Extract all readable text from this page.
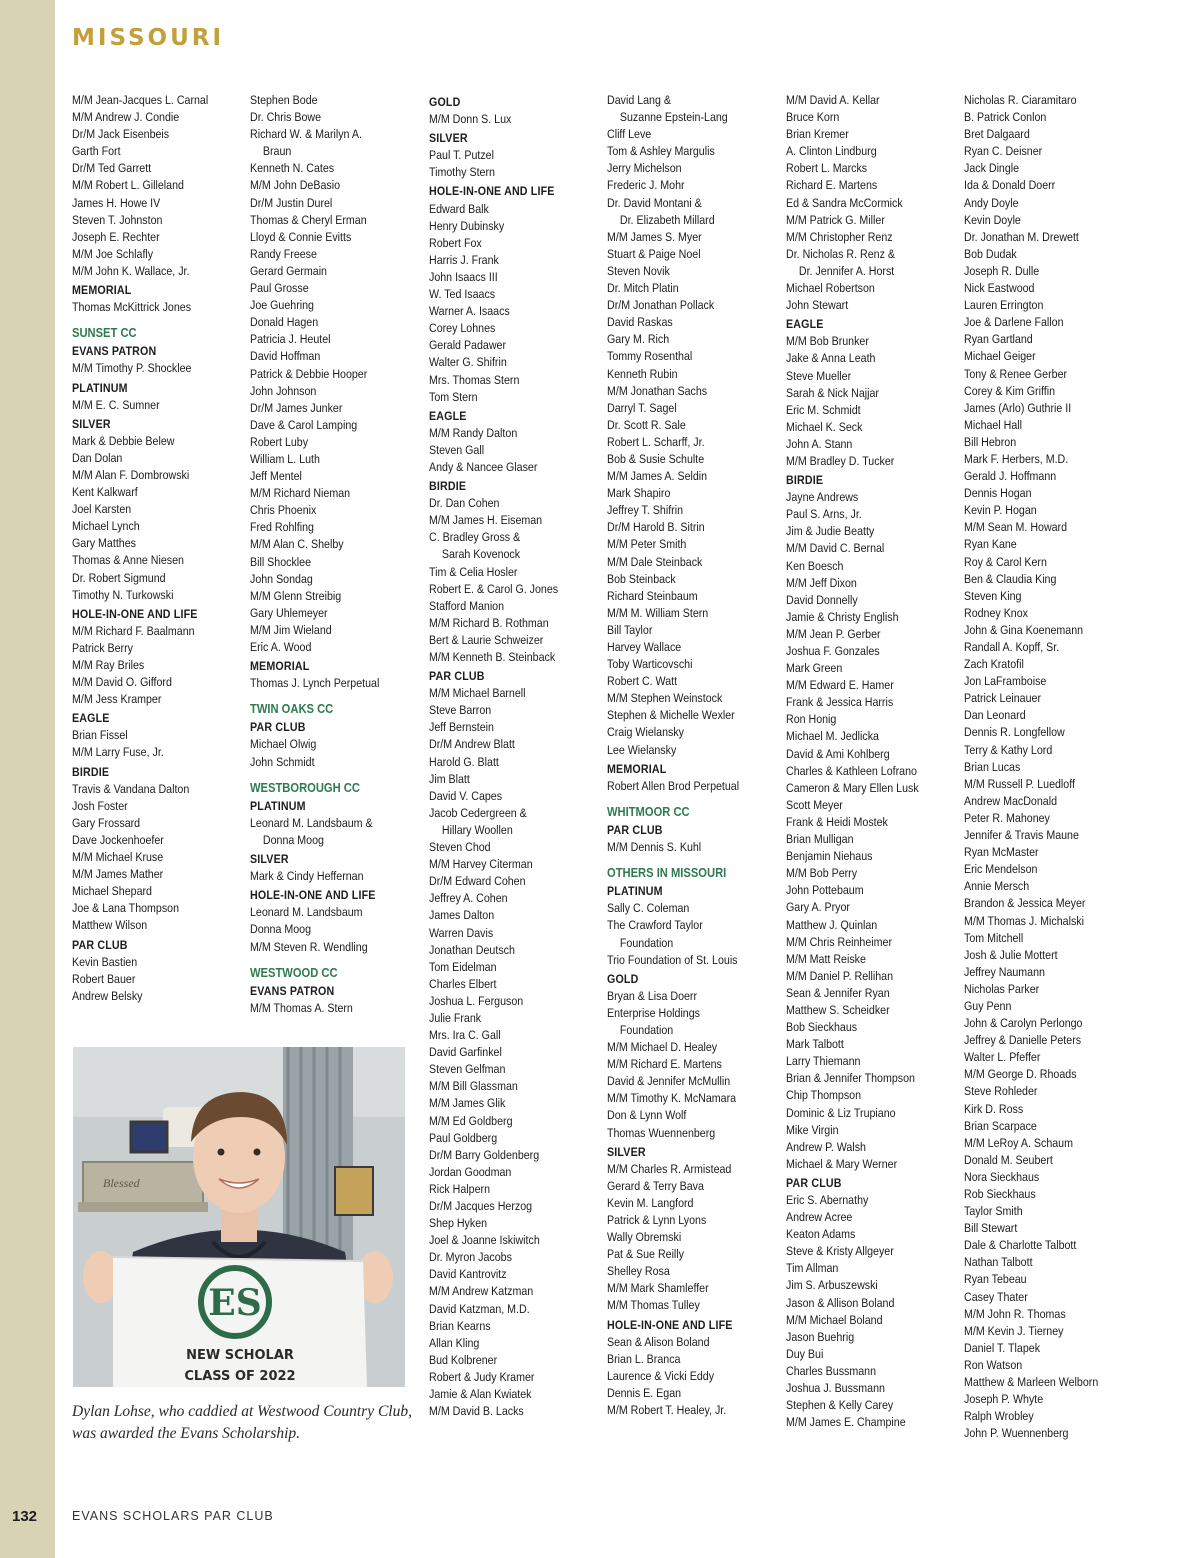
MISSOURI
M/M Jean-Jacques L. Carnal
M/M Andrew J. Condie
Dr/M Jack Eisenbeis
Garth Fort
Dr/M Ted Garrett
M/M Robert L. Gilleland
James H. Howe IV
Steven T. Johnston
Joseph E. Rechter
M/M Joe Schlafly
M/M John K. Wallace, Jr.
MEMORIAL
Thomas McKittrick Jones
SUNSET CC
EVANS PATRON
M/M Timothy P. Shocklee
PLATINUM
M/M E. C. Sumner
SILVER
Mark & Debbie Belew
Dan Dolan
M/M Alan F. Dombrowski
Kent Kalkwarf
Joel Karsten
Michael Lynch
Gary Matthes
Thomas & Anne Niesen
Dr. Robert Sigmund
Timothy N. Turkowski
HOLE-IN-ONE AND LIFE
M/M Richard F. Baalmann
Patrick Berry
M/M Ray Briles
M/M David O. Gifford
M/M Jess Kramper
EAGLE
Brian Fissel
M/M Larry Fuse, Jr.
BIRDIE
Travis & Vandana Dalton
Josh Foster
Gary Frossard
Dave Jockenhoefer
M/M Michael Kruse
M/M James Mather
Michael Shepard
Joe & Lana Thompson
Matthew Wilson
PAR CLUB
Kevin Bastien
Robert Bauer
Andrew Belsky
Stephen Bode
Dr. Chris Bowe
Richard W. & Marilyn A.
Braun
Kenneth N. Cates
M/M John DeBasio
Dr/M Justin Durel
Thomas & Cheryl Erman
Lloyd & Connie Evitts
Randy Freese
Gerard Germain
Paul Grosse
Joe Guehring
Donald Hagen
Patricia J. Heutel
David Hoffman
Patrick & Debbie Hooper
John Johnson
Dr/M James Junker
Dave & Carol Lamping
Robert Luby
William L. Luth
Jeff Mentel
M/M Richard Nieman
Chris Phoenix
Fred Rohlfing
M/M Alan C. Shelby
Bill Shocklee
John Sondag
M/M Glenn Streibig
Gary Uhlemeyer
M/M Jim Wieland
Eric A. Wood
MEMORIAL
Thomas J. Lynch Perpetual
TWIN OAKS CC
PAR CLUB
Michael Olwig
John Schmidt
WESTBOROUGH CC
PLATINUM
Leonard M. Landsbaum &
Donna Moog
SILVER
Mark & Cindy Heffernan
HOLE-IN-ONE AND LIFE
Leonard M. Landsbaum
Donna Moog
M/M Steven R. Wendling
WESTWOOD CC
EVANS PATRON
M/M Thomas A. Stern
GOLD
M/M Donn S. Lux
SILVER
Paul T. Putzel
Timothy Stern
HOLE-IN-ONE AND LIFE
Edward Balk
Henry Dubinsky
Robert Fox
Harris J. Frank
John Isaacs III
W. Ted Isaacs
Warner A. Isaacs
Corey Lohnes
Gerald Padawer
Walter G. Shifrin
Mrs. Thomas Stern
Tom Stern
EAGLE
M/M Randy Dalton
Steven Gall
Andy & Nancee Glaser
BIRDIE
Dr. Dan Cohen
M/M James H. Eiseman
C. Bradley Gross &
Sarah Kovenock
Tim & Celia Hosler
Robert E. & Carol G. Jones
Stafford Manion
M/M Richard B. Rothman
Bert & Laurie Schweizer
M/M Kenneth B. Steinback
PAR CLUB
M/M Michael Barnell
Steve Barron
Jeff Bernstein
Dr/M Andrew Blatt
Harold G. Blatt
Jim Blatt
David V. Capes
Jacob Cedergreen &
Hillary Woollen
Steven Chod
M/M Harvey Citerman
Dr/M Edward Cohen
Jeffrey A. Cohen
James Dalton
Warren Davis
Jonathan Deutsch
Tom Eidelman
Charles Elbert
Joshua L. Ferguson
Julie Frank
Mrs. Ira C. Gall
David Garfinkel
Steven Gelfman
M/M Bill Glassman
M/M James Glik
M/M Ed Goldberg
Paul Goldberg
Dr/M Barry Goldenberg
Jordan Goodman
Rick Halpern
Dr/M Jacques Herzog
Shep Hyken
Joel & Joanne Iskiwitch
Dr. Myron Jacobs
David Kantrovitz
M/M Andrew Katzman
David Katzman, M.D.
Brian Kearns
Allan Kling
Bud Kolbrener
Robert & Judy Kramer
Jamie & Alan Kwiatek
M/M David B. Lacks
David Lang &
Suzanne Epstein-Lang
Cliff Leve
Tom & Ashley Margulis
Jerry Michelson
Frederic J. Mohr
Dr. David Montani &
Dr. Elizabeth Millard
M/M James S. Myer
Stuart & Paige Noel
Steven Novik
Dr. Mitch Platin
Dr/M Jonathan Pollack
David Raskas
Gary M. Rich
Tommy Rosenthal
Kenneth Rubin
M/M Jonathan Sachs
Darryl T. Sagel
Dr. Scott R. Sale
Robert L. Scharff, Jr.
Bob & Susie Schulte
M/M James A. Seldin
Mark Shapiro
Jeffrey T. Shifrin
Dr/M Harold B. Sitrin
M/M Peter Smith
M/M Dale Steinback
Bob Steinback
Richard Steinbaum
M/M M. William Stern
Bill Taylor
Harvey Wallace
Toby Warticovschi
Robert C. Watt
M/M Stephen Weinstock
Stephen & Michelle Wexler
Craig Wielansky
Lee Wielansky
MEMORIAL
Robert Allen Brod Perpetual
WHITMOOR CC
PAR CLUB
M/M Dennis S. Kuhl
OTHERS IN MISSOURI
PLATINUM
Sally C. Coleman
The Crawford Taylor
Foundation
Trio Foundation of St. Louis
GOLD
Bryan & Lisa Doerr
Enterprise Holdings
Foundation
M/M Michael D. Healey
M/M Richard E. Martens
David & Jennifer McMullin
M/M Timothy K. McNamara
Don & Lynn Wolf
Thomas Wuennenberg
SILVER
M/M Charles R. Armistead
Gerard & Terry Bava
Kevin M. Langford
Patrick & Lynn Lyons
Wally Obremski
Pat & Sue Reilly
Shelley Rosa
M/M Mark Shamleffer
M/M Thomas Tulley
HOLE-IN-ONE AND LIFE
Sean & Alison Boland
Brian L. Branca
Laurence & Vicki Eddy
Dennis E. Egan
M/M Robert T. Healey, Jr.
M/M David A. Kellar
Bruce Korn
Brian Kremer
A. Clinton Lindburg
Robert L. Marcks
Richard E. Martens
Ed & Sandra McCormick
M/M Patrick G. Miller
M/M Christopher Renz
Dr. Nicholas R. Renz &
Dr. Jennifer A. Horst
Michael Robertson
John Stewart
EAGLE
M/M Bob Brunker
Jake & Anna Leath
Steve Mueller
Sarah & Nick Najjar
Eric M. Schmidt
Michael K. Seck
John A. Stann
M/M Bradley D. Tucker
BIRDIE
Jayne Andrews
Paul S. Arns, Jr.
Jim & Judie Beatty
M/M David C. Bernal
Ken Boesch
M/M Jeff Dixon
David Donnelly
Jamie & Christy English
M/M Jean P. Gerber
Joshua F. Gonzales
Mark Green
M/M Edward E. Hamer
Frank & Jessica Harris
Ron Honig
Michael M. Jedlicka
David & Ami Kohlberg
Charles & Kathleen Lofrano
Cameron & Mary Ellen Lusk
Scott Meyer
Frank & Heidi Mostek
Brian Mulligan
Benjamin Niehaus
M/M Bob Perry
John Pottebaum
Gary A. Pryor
Matthew J. Quinlan
M/M Chris Reinheimer
M/M Matt Reiske
M/M Daniel P. Rellihan
Sean & Jennifer Ryan
Matthew S. Scheidker
Bob Sieckhaus
Mark Talbott
Larry Thiemann
Brian & Jennifer Thompson
Chip Thompson
Dominic & Liz Trupiano
Mike Virgin
Andrew P. Walsh
Michael & Mary Werner
PAR CLUB
Eric S. Abernathy
Andrew Acree
Keaton Adams
Steve & Kristy Allgeyer
Tim Allman
Jim S. Arbuszewski
Jason & Allison Boland
M/M Michael Boland
Jason Buehrig
Duy Bui
Charles Bussmann
Joshua J. Bussmann
Stephen & Kelly Carey
M/M James E. Champine
Nicholas R. Ciaramitaro
B. Patrick Conlon
Bret Dalgaard
Ryan C. Deisner
Jack Dingle
Ida & Donald Doerr
Andy Doyle
Kevin Doyle
Dr. Jonathan M. Drewett
Bob Dudak
Joseph R. Dulle
Nick Eastwood
Lauren Errington
Joe & Darlene Fallon
Ryan Gartland
Michael Geiger
Tony & Renee Gerber
Corey & Kim Griffin
James (Arlo) Guthrie II
Michael Hall
Bill Hebron
Mark F. Herbers, M.D.
Gerald J. Hoffmann
Dennis Hogan
Kevin P. Hogan
M/M Sean M. Howard
Ryan Kane
Roy & Carol Kern
Ben & Claudia King
Steven King
Rodney Knox
John & Gina Koenemann
Randall A. Kopff, Sr.
Zach Kratofil
Jon LaFramboise
Patrick Leinauer
Dan Leonard
Dennis R. Longfellow
Terry & Kathy Lord
Brian Lucas
M/M Russell P. Luedloff
Andrew MacDonald
Peter R. Mahoney
Jennifer & Travis Maune
Ryan McMaster
Eric Mendelson
Annie Mersch
Brandon & Jessica Meyer
M/M Thomas J. Michalski
Tom Mitchell
Josh & Julie Mottert
Jeffrey Naumann
Nicholas Parker
Guy Penn
John & Carolyn Perlongo
Jeffrey & Danielle Peters
Walter L. Pfeffer
M/M George D. Rhoads
Steve Rohleder
Kirk D. Ross
Brian Scarpace
M/M LeRoy A. Schaum
Donald M. Seubert
Nora Sieckhaus
Rob Sieckhaus
Taylor Smith
Bill Stewart
Dale & Charlotte Talbott
Nathan Talbott
Ryan Tebeau
Casey Thater
M/M John R. Thomas
M/M Kevin J. Tierney
Daniel T. Tlapek
Ron Watson
Matthew & Marleen Welborn
Joseph P. Whyte
Ralph Wrobley
John P. Wuennenberg
Blessed
ES
NEW SCHOLAR
CLASS OF 2022
Dylan Lohse, who caddied at Westwood Country Club, was awarded the Evans Scholarship.
132	EVANS SCHOLARS PAR CLUB
